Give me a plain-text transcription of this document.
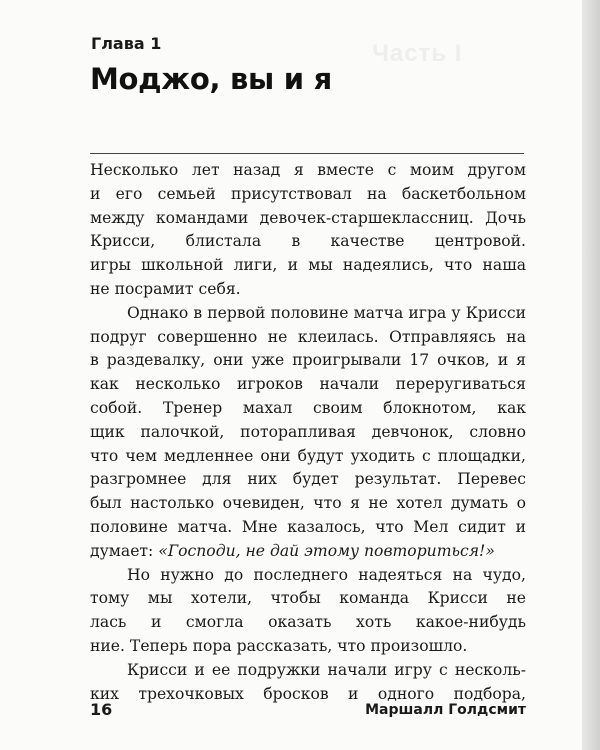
Часть I
Глава 1
Моджо, вы и я

Несколько лет назад я вместе с моим другом
и его семьей присутствовал на баскетбольном
между командами девочек-старшеклассниц. Дочь
Крисси, блистала в качестве центровой.
игры школьной лиги, и мы надеялись, что наша
не посрамит себя.

Однако в первой половине матча игра у Крисси
подруг совершенно не клеилась. Отправляясь на
в раздевалку, они уже проигрывали 17 очков, и я
как несколько игроков начали переругиваться
собой. Тренер махал своим блокнотом, как
щик палочкой, поторапливая девчонок, словно
что чем медленнее они будут уходить с площадки,
разгромнее для них будет результат. Перевес
был настолько очевиден, что я не хотел думать о
половине матча. Мне казалось, что Мел сидит и
думает: «Господи, не дай этому повториться!»

Но нужно до последнего надеяться на чудо,
тому мы хотели, чтобы команда Крисси не
лась и смогла оказать хоть какое-нибудь
ние. Теперь пора рассказать, что произошло.

Крисси и ее подружки начали игру с несколь-
ких трехочковых бросков и одного подбора,

16	Маршалл Голдсмит
